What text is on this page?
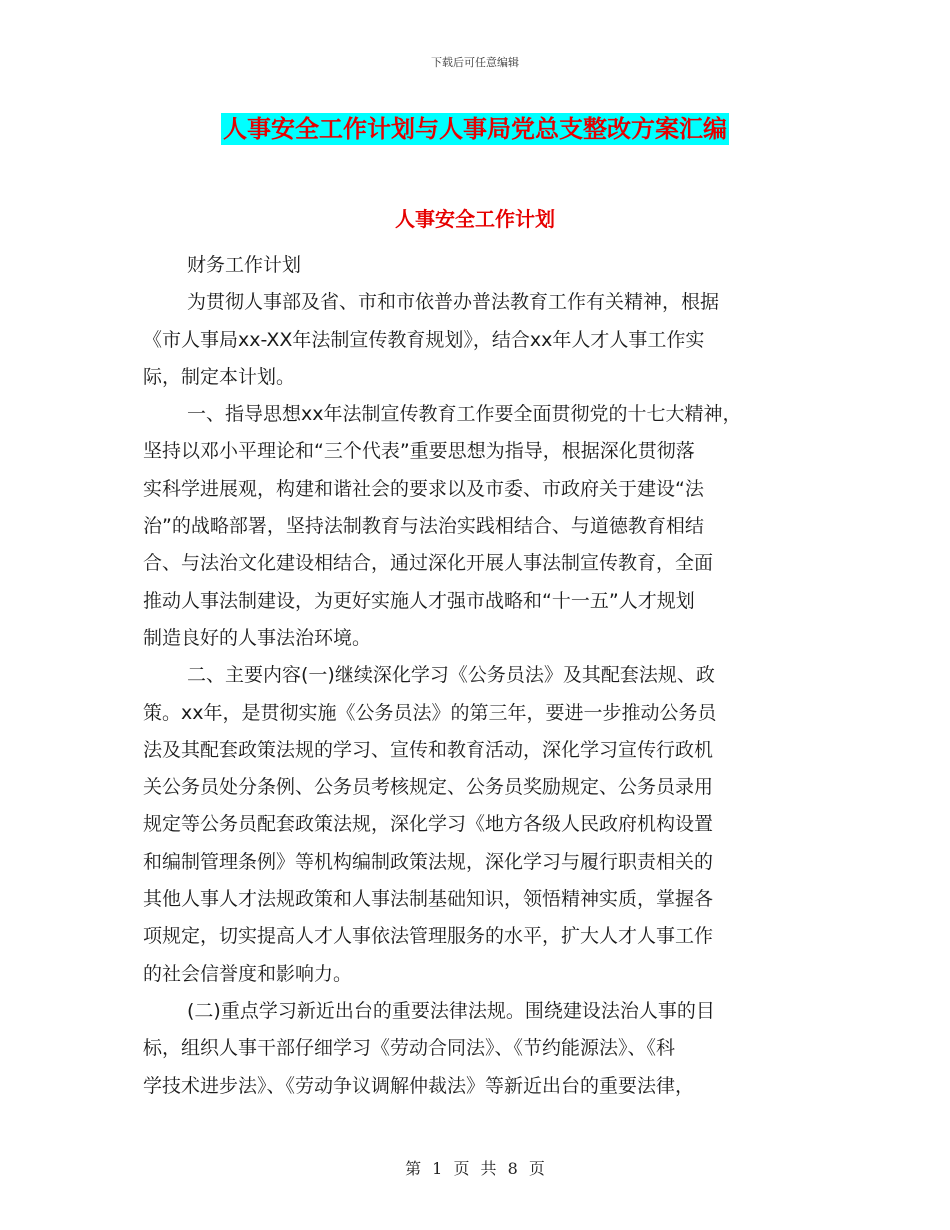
下载后可任意编辑
人事安全工作计划与人事局党总支整改方案汇编
人事安全工作计划
财务工作计划
为贯彻人事部及省、市和市依普办普法教育工作有关精神，根据
《市人事局xx-XX年法制宣传教育规划》，结合xx年人才人事工作实
际，制定本计划。
一、指导思想xx年法制宣传教育工作要全面贯彻党的十七大精神，
坚持以邓小平理论和“三个代表”重要思想为指导，根据深化贯彻落
实科学进展观，构建和谐社会的要求以及市委、市政府关于建设“法
治”的战略部署，坚持法制教育与法治实践相结合、与道德教育相结
合、与法治文化建设相结合，通过深化开展人事法制宣传教育，全面
推动人事法制建设，为更好实施人才强市战略和“十一五”人才规划
制造良好的人事法治环境。
二、主要内容(一)继续深化学习《公务员法》及其配套法规、政
策。xx年，是贯彻实施《公务员法》的第三年，要进一步推动公务员
法及其配套政策法规的学习、宣传和教育活动，深化学习宣传行政机
关公务员处分条例、公务员考核规定、公务员奖励规定、公务员录用
规定等公务员配套政策法规，深化学习《地方各级人民政府机构设置
和编制管理条例》等机构编制政策法规，深化学习与履行职责相关的
其他人事人才法规政策和人事法制基础知识，领悟精神实质，掌握各
项规定，切实提高人才人事依法管理服务的水平，扩大人才人事工作
的社会信誉度和影响力。
(二)重点学习新近出台的重要法律法规。围绕建设法治人事的目
标，组织人事干部仔细学习《劳动合同法》、《节约能源法》、《科
学技术进步法》、《劳动争议调解仲裁法》等新近出台的重要法律，
第 1 页 共 8 页
